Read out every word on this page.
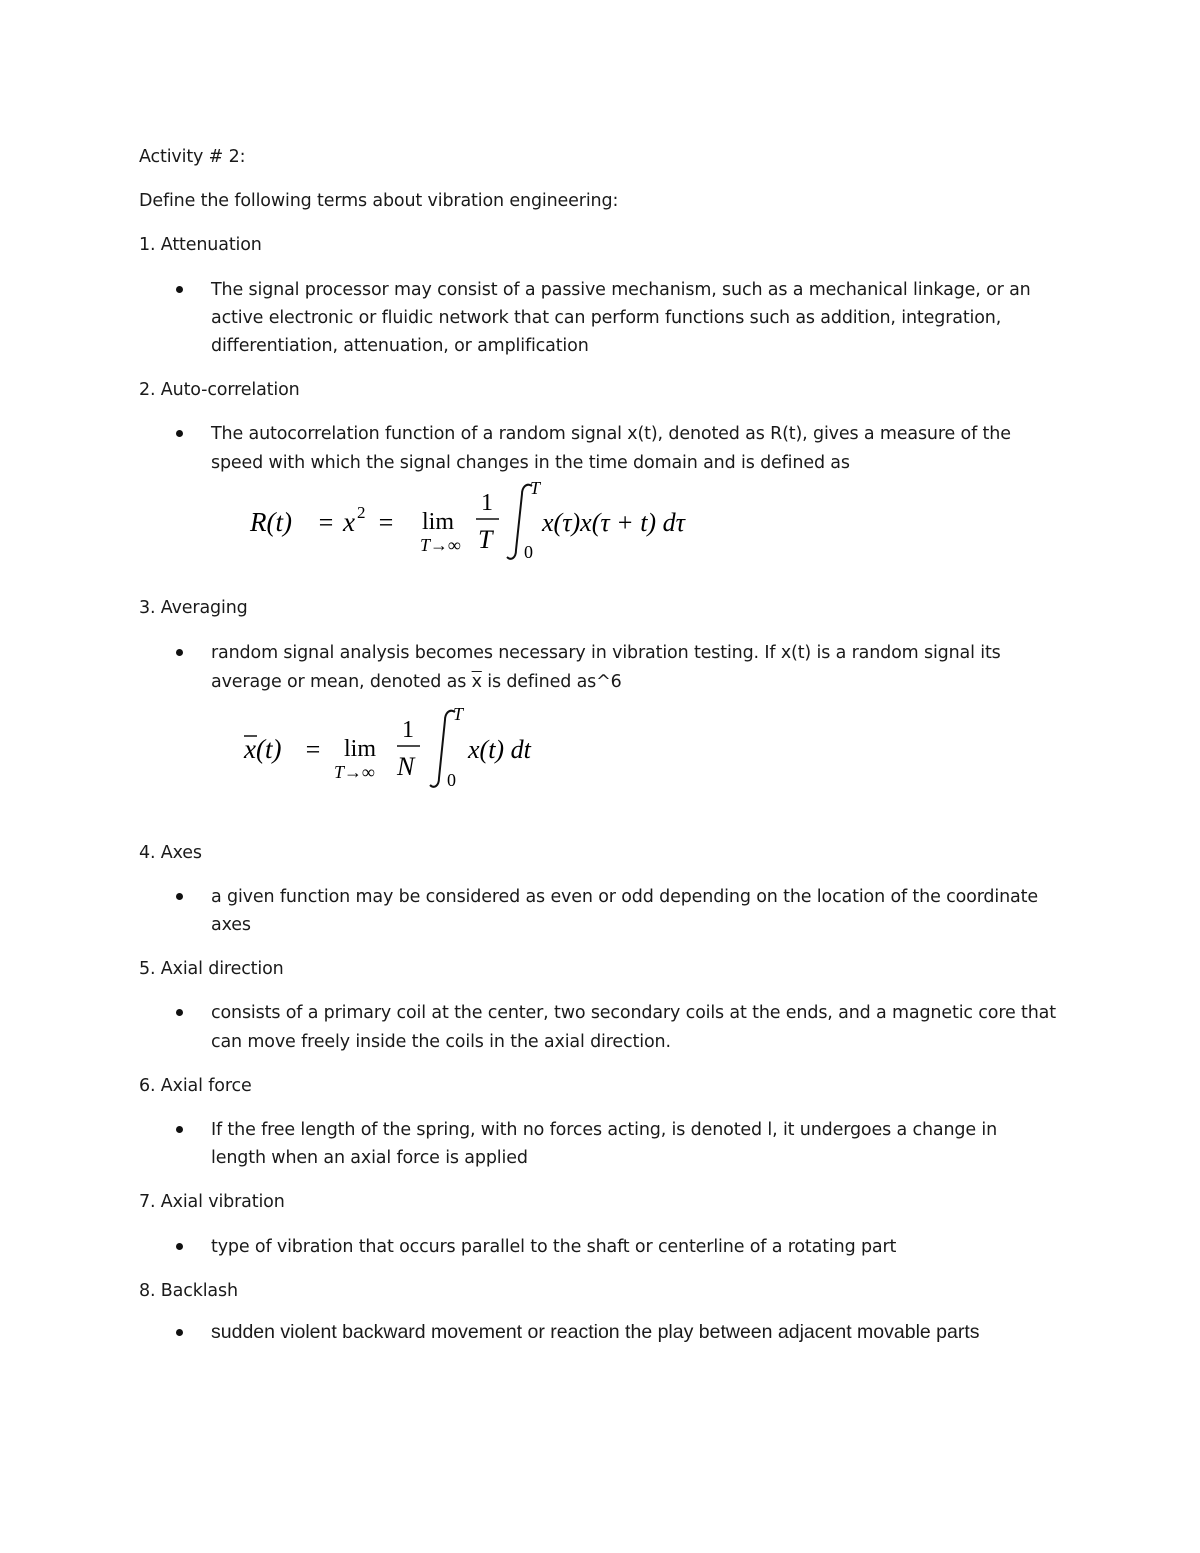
Activity # 2:

Define the following terms about vibration engineering:

1. Attenuation

The signal processor may consist of a passive mechanism, such as a mechanical linkage, or an

active electronic or fluidic network that can perform functions such as addition, integration,

differentiation, attenuation, or amplification

2. Auto-correlation

The autocorrelation function of a random signal x(t), denoted as R(t), gives a measure of the

speed with which the signal changes in the time domain and is defined as

R(t) = x 2 = lim
T→∞
1
T
T
0
x(τ)x(τ + t) dτ

3. Averaging

random signal analysis becomes necessary in vibration testing. If x(t) is a random signal its

average or mean, denoted as $\overline{x}$ is defined as^6

x(t) = lim
T→∞
1
N
T
0
x(t) dt

4. Axes

a given function may be considered as even or odd depending on the location of the coordinate

axes

5. Axial direction

consists of a primary coil at the center, two secondary coils at the ends, and a magnetic core that

can move freely inside the coils in the axial direction.

6. Axial force

If the free length of the spring, with no forces acting, is denoted l, it undergoes a change in

length when an axial force is applied

7. Axial vibration

type of vibration that occurs parallel to the shaft or centerline of a rotating part

8. Backlash

sudden violent backward movement or reaction the play between adjacent movable parts
